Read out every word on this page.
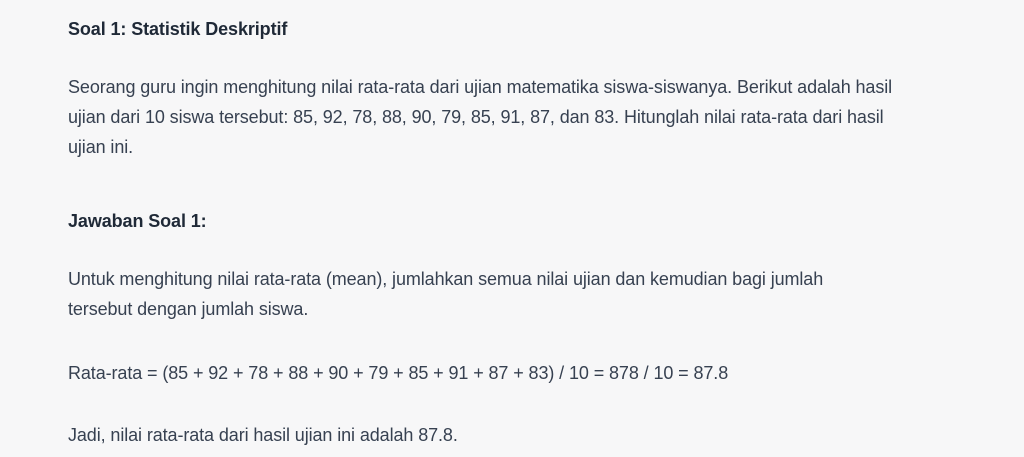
Soal 1: Statistik Deskriptif
Seorang guru ingin menghitung nilai rata-rata dari ujian matematika siswa-siswanya. Berikut adalah hasil ujian dari 10 siswa tersebut: 85, 92, 78, 88, 90, 79, 85, 91, 87, dan 83. Hitunglah nilai rata-rata dari hasil ujian ini.
Jawaban Soal 1:
Untuk menghitung nilai rata-rata (mean), jumlahkan semua nilai ujian dan kemudian bagi jumlah tersebut dengan jumlah siswa.
Rata-rata = (85 + 92 + 78 + 88 + 90 + 79 + 85 + 91 + 87 + 83) / 10 = 878 / 10 = 87.8
Jadi, nilai rata-rata dari hasil ujian ini adalah 87.8.
